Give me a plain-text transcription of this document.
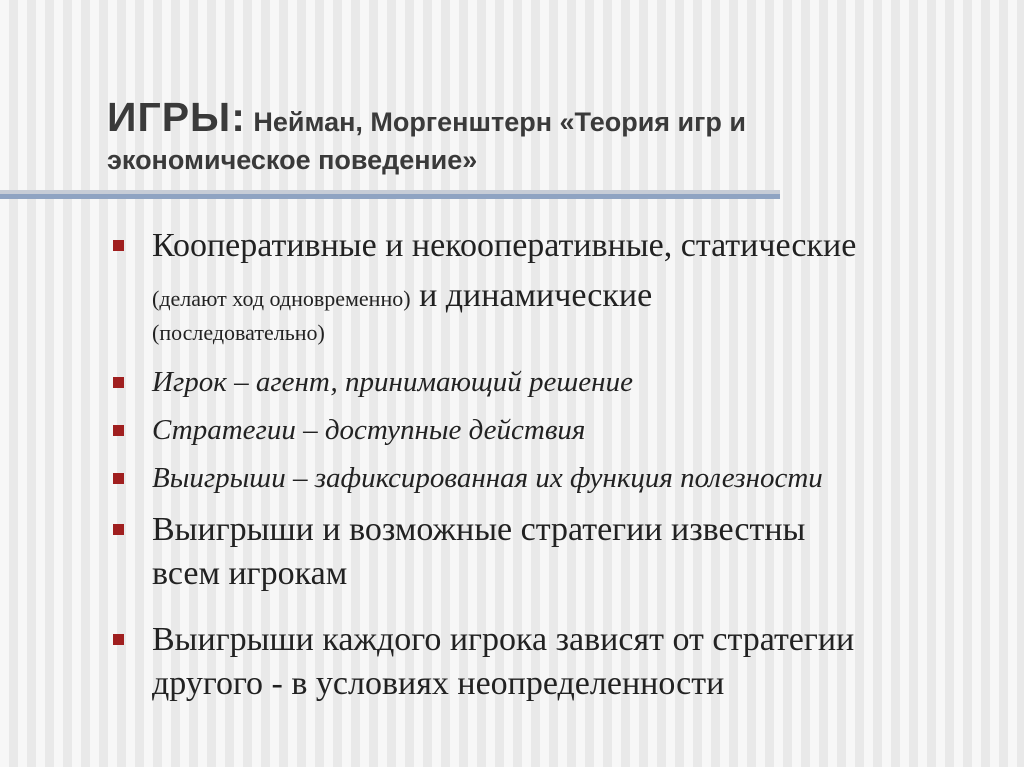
ИГРЫ: Нейман, Моргенштерн «Теория игр и
экономическое поведение»
Кооперативные и некооперативные, статические
(делают ход одновременно) и динамические
(последовательно)
Игрок – агент, принимающий решение
Стратегии – доступные действия
Выигрыши – зафиксированная их функция полезности
Выигрыши и возможные стратегии известны
всем игрокам
Выигрыши каждого игрока зависят от стратегии
другого - в условиях неопределенности
